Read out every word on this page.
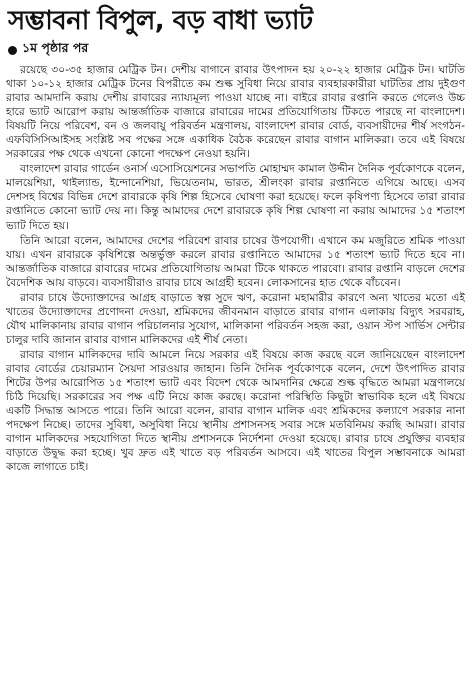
সম্ভাবনা বিপুল, বড় বাধা ভ্যাট
১ম পৃষ্ঠার পর

রয়েছে ৩০-৩৫ হাজার মেট্রিক টন। দেশীয় বাগানে রাবার উৎপাদন হয় ২০-২২ হাজার মেট্রিক টন। ঘাটতি থাকা ১০-১২ হাজার মেট্রিক টনের বিপরীতে কম শুল্ক সুবিধা নিয়ে রাবার ব্যবহারকারীরা ঘাটতির প্রায় দুইগুণ রাবার আমদানি করায় দেশীয় রাবারের ন্যায্যমূল্য পাওয়া যাচ্ছে না। বাইরে রাবার রপ্তানি করতে গেলেও উচ্চ হারে ভ্যাট আরোপ করায় আন্তর্জাতিক বাজারে রাবারের দামের প্রতিযোগিতায় টিকতে পারছে না বাংলাদেশ। বিষয়টি নিয়ে পরিবেশ, বন ও জলবায়ু পরিবর্তন মন্ত্রণালয়, বাংলাদেশ রাবার বোর্ড, ব্যবসায়ীদের শীর্ষ সংগঠন- এফবিসিসিআইসহ সংশ্লিষ্ট সব পক্ষের সঙ্গে একাধিক বৈঠক করেছেন রাবার বাগান মালিকরা। তবে এই বিষয়ে সরকারের পক্ষ থেকে এখনো কোনো পদক্ষেপ নেওয়া হয়নি।

বাংলাদেশ রাবার গার্ডেন ওনার্স এসোসিয়েশনের সভাপতি মোহাম্মদ কামাল উদ্দীন দৈনিক পূর্বকোণকে বলেন, মালয়েশিয়া, থাইল্যান্ড, ইন্দোনেশিয়া, ভিয়েতনাম, ভারত, শ্রীলংকা রাবার রপ্তানিতে এগিয়ে আছে। এসব দেশসহ বিশ্বের বিভিন্ন দেশে রাবারকে কৃষি শিল্প হিসেবে ঘোষণা করা হয়েছে। ফলে কৃষিপণ্য হিসেবে তারা রাবার রপ্তানিতে কোনো ভ্যাট দেয় না। কিন্তু আমাদের দেশে রাবারকে কৃষি শিল্প ঘোষণা না করায় আমাদের ১৫ শতাংশ ভ্যাট দিতে হয়।

তিনি আরো বলেন, আমাদের দেশের পরিবেশ রাবার চাষের উপযোগী। এখানে কম মজুরিতে শ্রমিক পাওয়া যায়। এখন রাবারকে কৃষিশিল্পে অন্তর্ভুক্ত করলে রাবার রপ্তানিতে আমাদের ১৫ শতাংশ ভ্যাট দিতে হবে না। আন্তর্জাতিক বাজারে রাবারের দামের প্রতিযোগিতায় আমরা টিকে থাকতে পারবো। রাবার রপ্তানি বাড়লে দেশের বৈদেশিক আয় বাড়বে। ব্যবসায়ীরাও রাবার চাষে আগ্রহী হবেন। লোকসানের হাত থেকে বাঁচবেন।

রাবার চাষে উদ্যোক্তাদের আগ্রহ বাড়াতে স্বল্প সুদে ঋণ, করোনা মহামারীর কারণে অন্য খাতের মতো এই খাতের উদ্যোক্তাদের প্রণোদনা দেওয়া, শ্রমিকদের জীবনমান বাড়াতে রাবার বাগান এলাকায় বিদ্যুৎ সরবরাহ, যৌথ মালিকানায় রাবার বাগান পরিচালনার সুযোগ, মালিকানা পরিবর্তন সহজ করা, ওয়ান স্টপ সার্ভিস সেন্টার চালুর দাবি জানান রাবার বাগান মালিকদের এই শীর্ষ নেতা।

রাবার বাগান মালিকদের দাবি আমলে নিয়ে সরকার এই বিষয়ে কাজ করছে বলে জানিয়েছেন বাংলাদেশ রাবার বোর্ডের চেয়ারম্যান সৈয়দা সারওয়ার জাহান। তিনি দৈনিক পূর্বকোণকে বলেন, দেশে উৎপাদিত রাবার শিটের উপর আরোপিত ১৫ শতাংশ ভ্যাট এবং বিদেশ থেকে আমদানির ক্ষেত্রে শুল্ক বৃদ্ধিতে আমরা মন্ত্রণালয়ে চিঠি দিয়েছি। সরকারের সব পক্ষ এটি নিয়ে কাজ করছে। করোনা পরিস্থিতি কিছুটা স্বাভাবিক হলে এই বিষয়ে একটি সিদ্ধান্ত আসতে পারে। তিনি আরো বলেন, রাবার বাগান মালিক এবং শ্রমিকদের কল্যাণে সরকার নানা পদক্ষেপ নিচ্ছে। তাদের সুবিধা, অসুবিধা নিয়ে স্থানীয় প্রশাসনসহ সবার সঙ্গে মতবিনিময় করছি আমরা। রাবার বাগান মালিকদের সহযোগিতা দিতে স্থানীয় প্রশাসনকে নির্দেশনা দেওয়া হয়েছে। রাবার চাষে প্রযুক্তির ব্যবহার বাড়াতে উদ্বুদ্ধ করা হচ্ছে। খুব দ্রুত এই খাতে বড় পরিবর্তন আসবে। এই খাতের বিপুল সম্ভাবনাকে আমরা কাজে লাগাতে চাই।
